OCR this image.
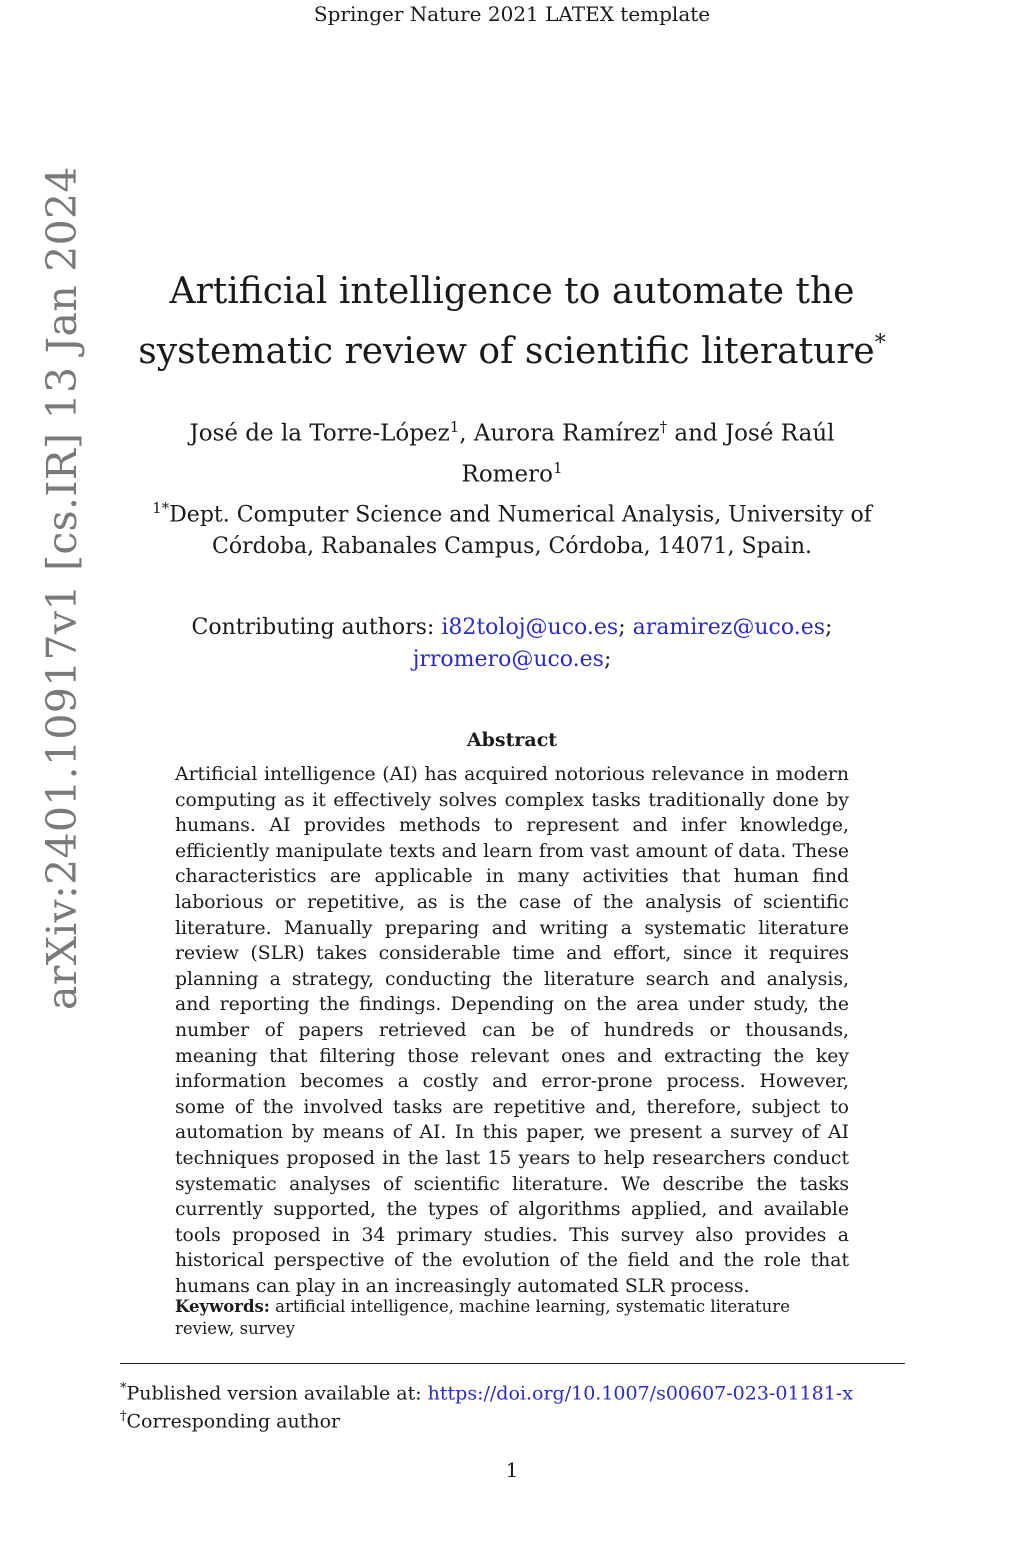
Springer Nature 2021 LATEX template
arXiv:2401.10917v1 [cs.IR] 13 Jan 2024	Artificial intelligence to automate the
systematic review of scientific literature*
José de la Torre-López$^1$, Aurora Ramírez† and José Raúl
Romero$^1$
$^{1*}$Dept. Computer Science and Numerical Analysis, University of
Córdoba, Rabanales Campus, Córdoba, 14071, Spain.
Contributing authors: i82toloj@uco.es; aramirez@uco.es;
jrromero@uco.es;
Abstract

Artificial intelligence (AI) has acquired notorious relevance in modern computing as it effectively solves complex tasks traditionally done by humans. AI provides methods to represent and infer knowledge, efficiently manipulate texts and learn from vast amount of data. These characteristics are applicable in many activities that human find laborious or repetitive, as is the case of the analysis of scientific literature. Manually preparing and writing a systematic literature review (SLR) takes considerable time and effort, since it requires planning a strategy, conducting the literature search and analysis, and reporting the findings. Depending on the area under study, the number of papers retrieved can be of hundreds or thousands, meaning that filtering those relevant ones and extracting the key information becomes a costly and error-prone process. However, some of the involved tasks are repetitive and, therefore, subject to automation by means of AI. In this paper, we present a survey of AI techniques proposed in the last 15 years to help researchers conduct systematic analyses of scientific literature. We describe the tasks currently supported, the types of algorithms applied, and available tools proposed in 34 primary studies. This survey also provides a historical perspective of the evolution of the field and the role that humans can play in an increasingly automated SLR process.

Keywords: artificial intelligence, machine learning, systematic literature review, survey
*Published version available at: https://doi.org/10.1007/s00607-023-01181-x
†Corresponding author
1
